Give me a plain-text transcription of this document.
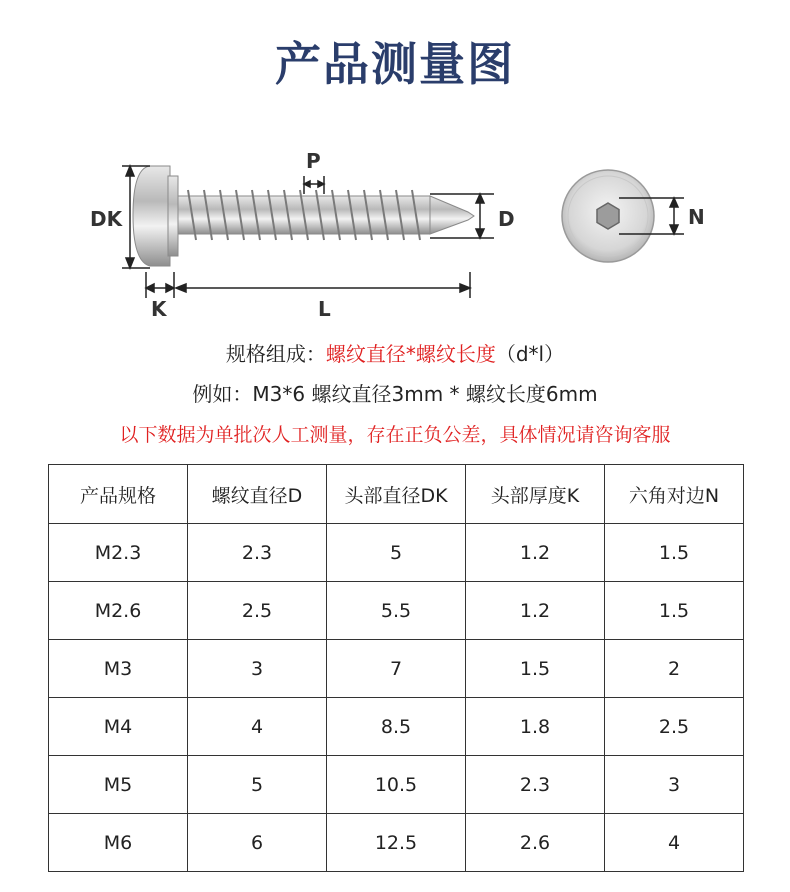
产品测量图
DK
P
D
K	L
N
规格组成：螺纹直径*螺纹长度（d*l）
例如：M3*6 螺纹直径3mm * 螺纹长度6mm
以下数据为单批次人工测量，存在正负公差，具体情况请咨询客服
产品规格	螺纹直径D	头部直径DK	头部厚度K	六角对边N
M2.3	2.3	5	1.2	1.5
M2.6	2.5	5.5	1.2	1.5
M3	3	7	1.5	2
M4	4	8.5	1.8	2.5
M5	5	10.5	2.3	3
M6	6	12.5	2.6	4
